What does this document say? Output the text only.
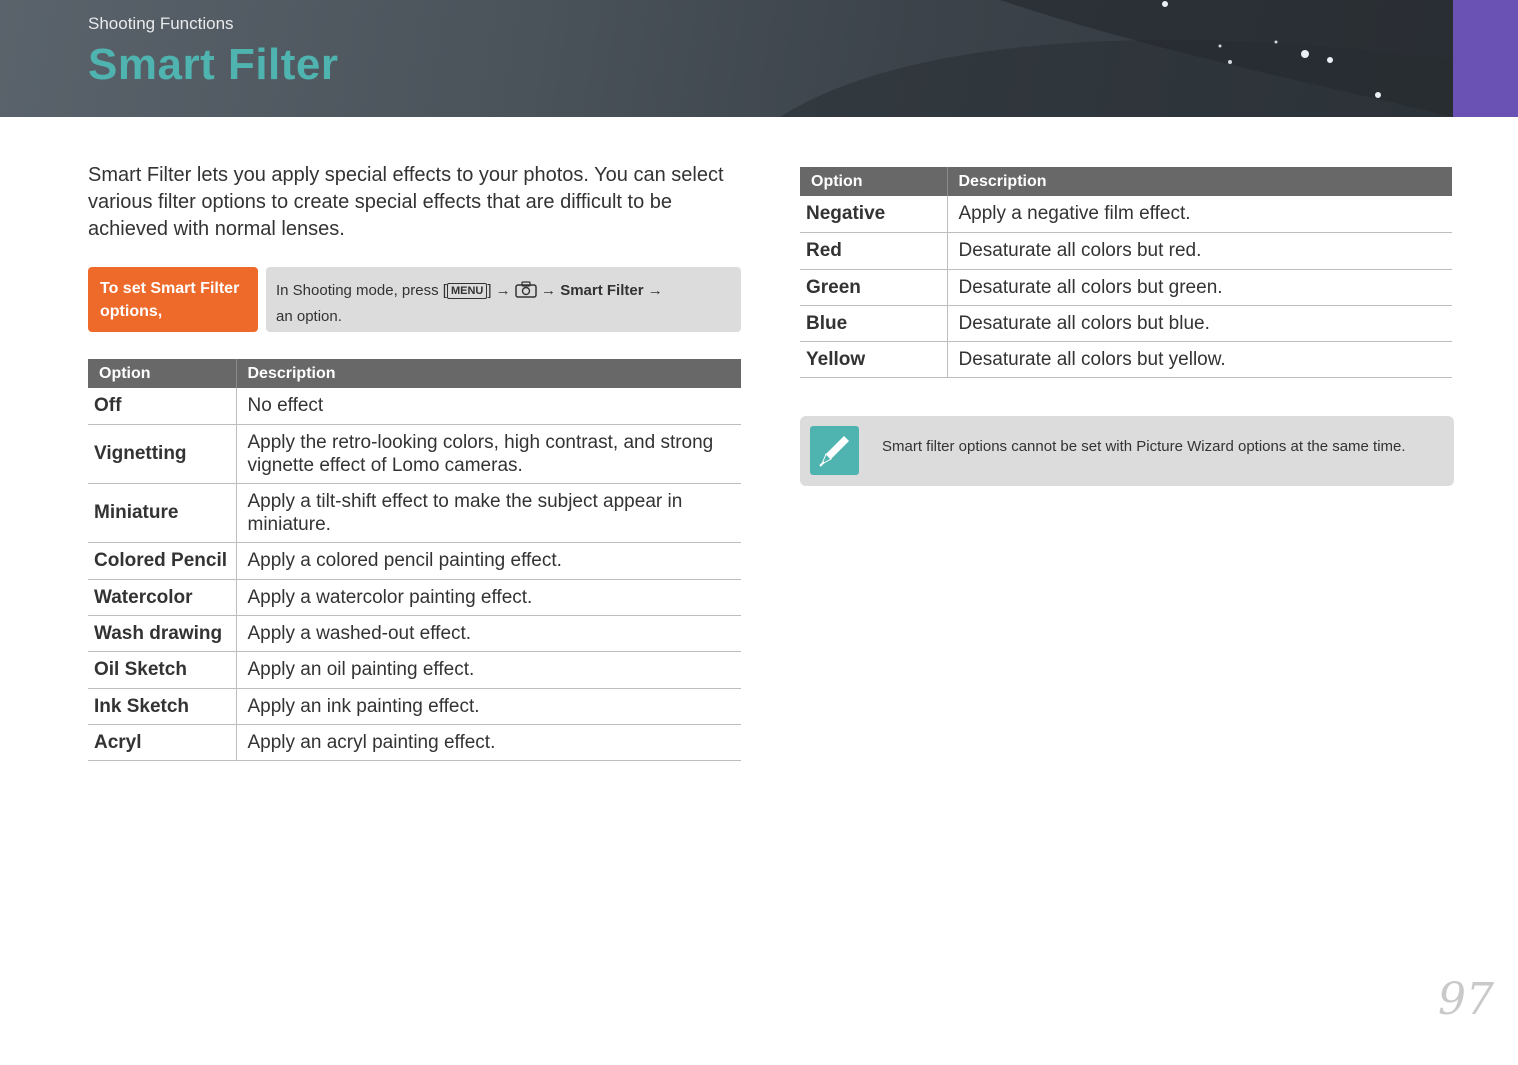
Shooting Functions
Smart Filter
Smart Filter lets you apply special effects to your photos. You can select various filter options to create special effects that are difficult to be achieved with normal lenses.
To set Smart Filter options,
In Shooting mode, press [ MENU ] →  → Smart Filter →
an option.
Option	Description
Off	No effect
Vignetting	Apply the retro-looking colors, high contrast, and strong vignette effect of Lomo cameras.
Miniature	Apply a tilt-shift effect to make the subject appear in miniature.
Colored Pencil	Apply a colored pencil painting effect.
Watercolor	Apply a watercolor painting effect.
Wash drawing	Apply a washed-out effect.
Oil Sketch	Apply an oil painting effect.
Ink Sketch	Apply an ink painting effect.
Acryl	Apply an acryl painting effect.
Option	Description
Negative	Apply a negative film effect.
Red	Desaturate all colors but red.
Green	Desaturate all colors but green.
Blue	Desaturate all colors but blue.
Yellow	Desaturate all colors but yellow.
Smart filter options cannot be set with Picture Wizard options at the same time.
97
